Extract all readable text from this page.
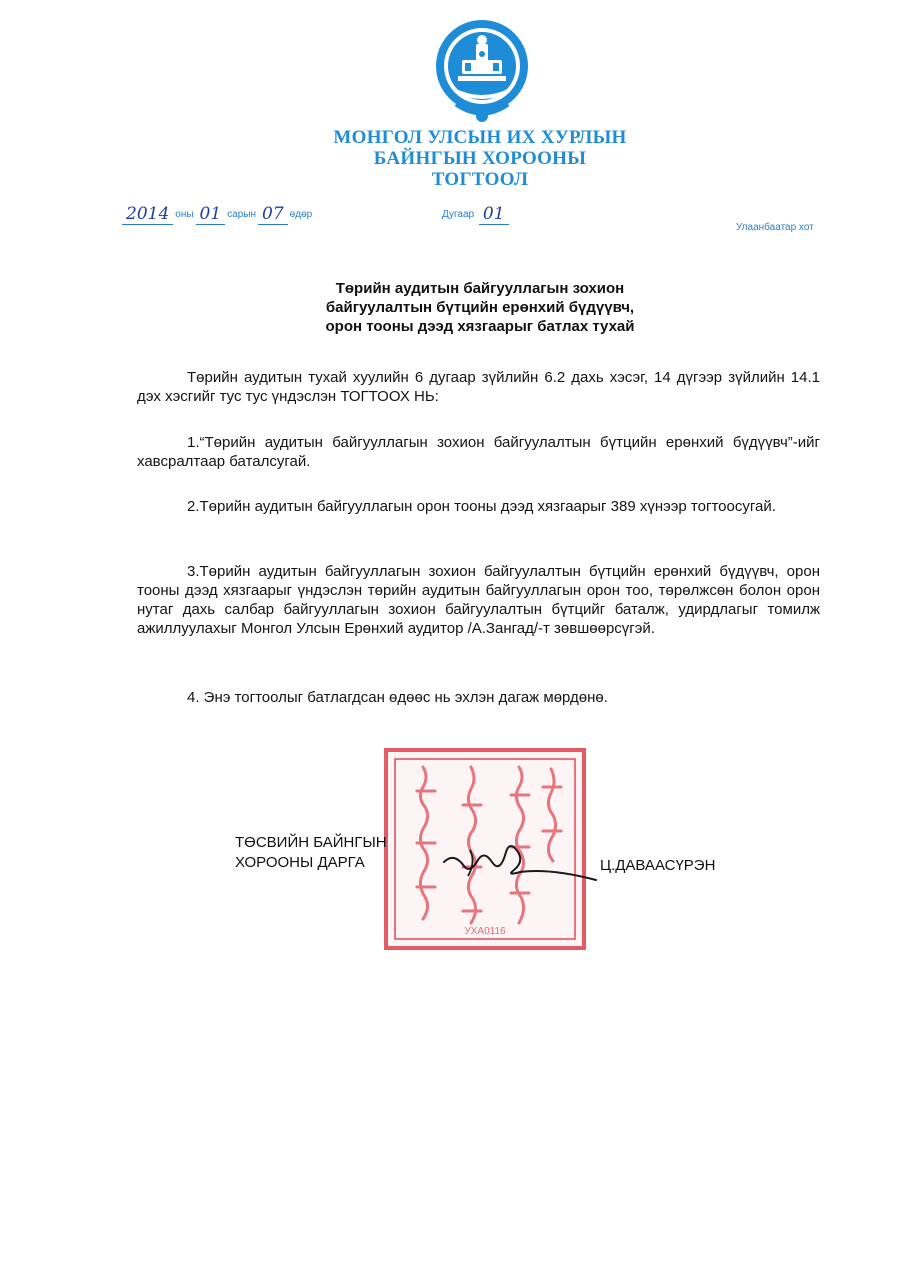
МОНГОЛ УЛСЫН ИХ ХУРЛЫН
БАЙНГЫН ХОРООНЫ
ТОГТООЛ
2014 оны 01 сарын 07 өдөр	Дугаар 01
Улаанбаатар хот
Төрийн аудитын байгууллагын зохион
байгуулалтын бүтцийн ерөнхий бүдүүвч,
орон тооны дээд хязгаарыг батлах тухай

Төрийн аудитын тухай хуулийн 6 дугаар зүйлийн 6.2 дахь хэсэг, 14 дүгээр зүйлийн 14.1 дэх хэсгийг тус тус үндэслэн ТОГТООХ НЬ:

1.“Төрийн аудитын байгууллагын зохион байгуулалтын бүтцийн ерөнхий бүдүүвч”-ийг хавсралтаар баталсугай.

2.Төрийн аудитын байгууллагын орон тооны дээд хязгаарыг 389 хүнээр тогтоосугай.

3.Төрийн аудитын байгууллагын зохион байгуулалтын бүтцийн ерөнхий бүдүүвч, орон тооны дээд хязгаарыг үндэслэн төрийн аудитын байгууллагын орон тоо, төрөлжсөн болон орон нутаг дахь салбар байгууллагын зохион байгуулалтын бүтцийг баталж, удирдлагыг томилж ажиллуулахыг Монгол Улсын Ерөнхий аудитор /А.Зангад/-т зөвшөөрсүгэй.

4. Энэ тогтоолыг батлагдсан өдөөс нь эхлэн дагаж мөрдөнө.

УХА0116
ТӨСВИЙН БАЙНГЫН
ХОРООНЫ ДАРГА	Ц.ДАВААСҮРЭН
